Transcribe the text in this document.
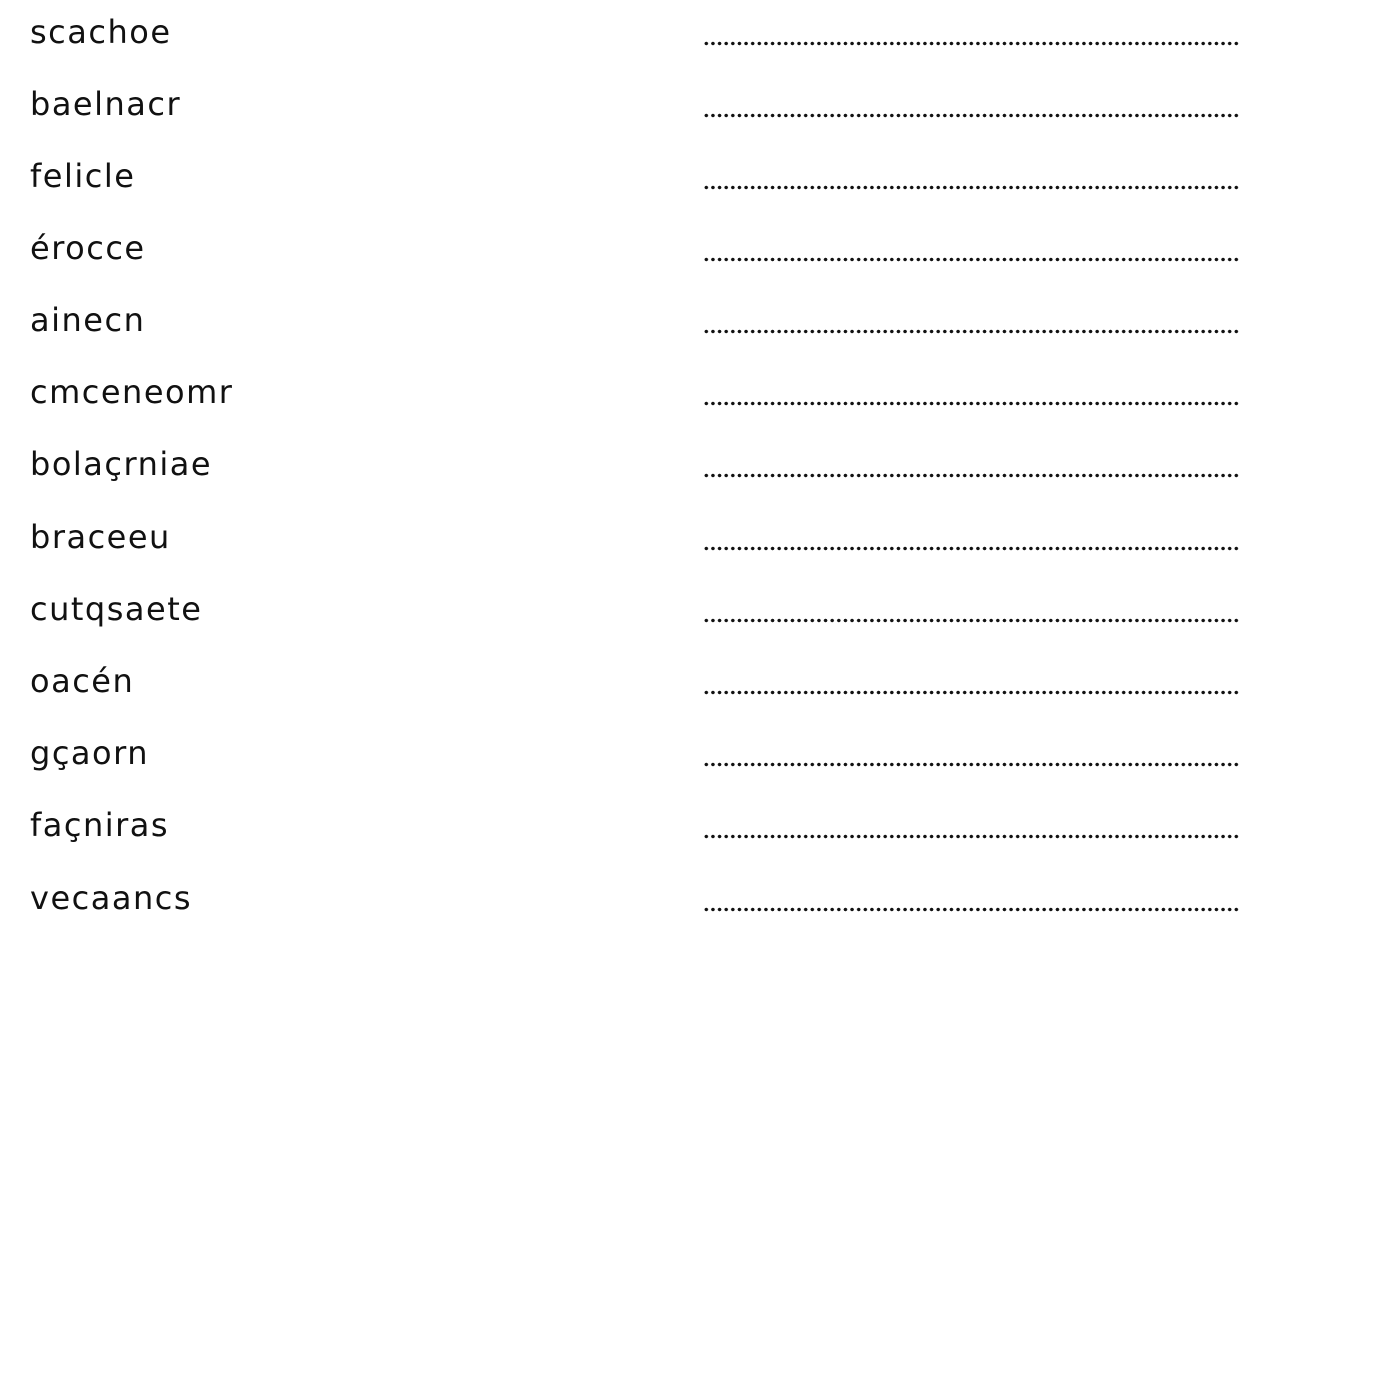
scachoe
baelnacr
felicle
érocce
ainecn
cmceneomr
bolaçrniae
braceeu
cutqsaete
oacén
gçaorn
façniras
vecaancs
